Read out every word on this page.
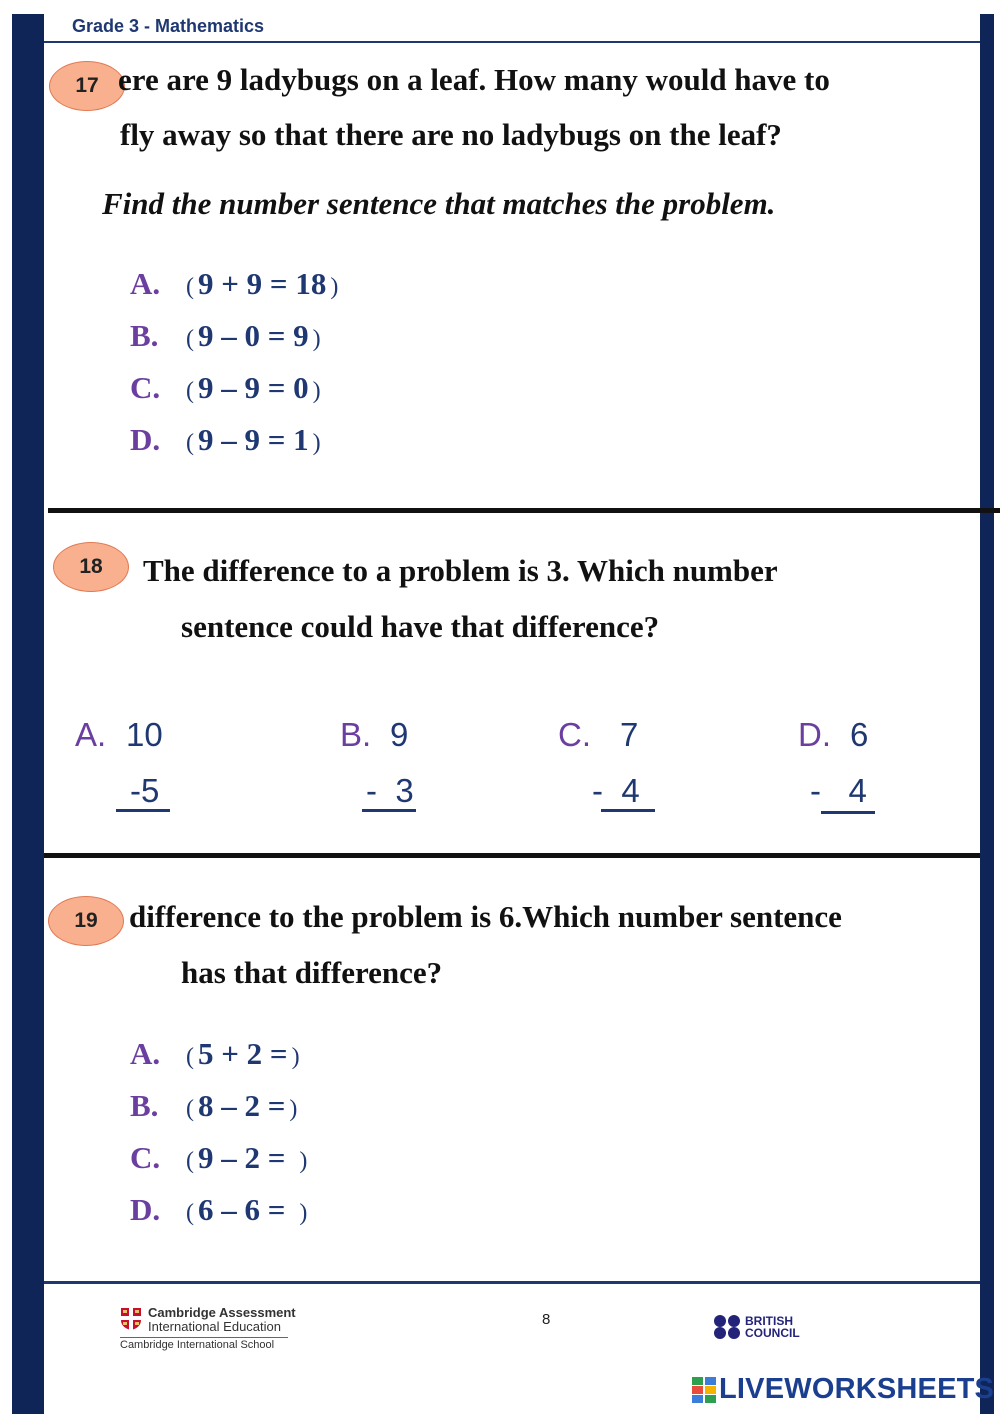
Grade 3 - Mathematics
17 ere are 9 ladybugs on a leaf. How many would have to
fly away so that there are no ladybugs on the leaf?
Find the number sentence that matches the problem.
A.	( 9 + 9 = 18 )
B.	( 9 – 0 = 9 )
C.	( 9 – 9 = 0 )
D.	( 9 – 9 = 1 )
18	The difference to a problem is 3. Which number
sentence could have that difference?
A. 10
-5
B. 9
-  3
C. 7
-  4
D. 6
-   4
19	difference to the problem is 6.Which number sentence
has that difference?
A.	( 5 + 2 = )
B.	( 8 – 2 = )
C.	( 9 – 2 = )
D.	( 6 – 6 = )
Cambridge Assessment
International Education
Cambridge International School
8	BRITISH
COUNCIL
LIVEWORKSHEETS
